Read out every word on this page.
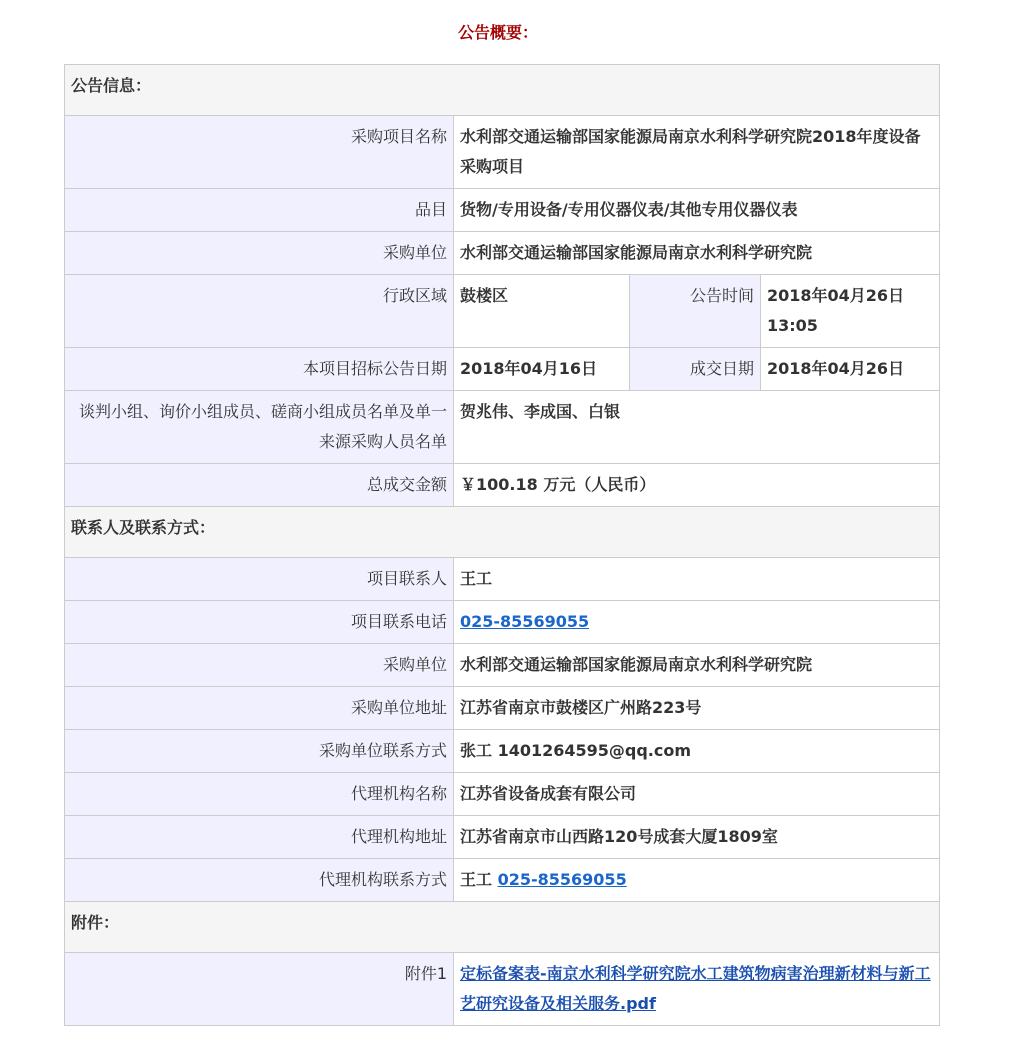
公告概要：
公告信息：			
采购项目名称	水利部交通运输部国家能源局南京水利科学研究院2018年度设备采购项目		
品目	货物/专用设备/专用仪器仪表/其他专用仪器仪表		
采购单位	水利部交通运输部国家能源局南京水利科学研究院		
行政区域	鼓楼区	公告时间	2018年04月26日 13:05
本项目招标公告日期	2018年04月16日	成交日期	2018年04月26日
谈判小组、询价小组成员、磋商小组成员名单及单一来源采购人员名单	贺兆伟、李成国、白银		
总成交金额	￥100.18 万元（人民币）		
联系人及联系方式：			
项目联系人	王工		
项目联系电话	025-85569055		
采购单位	水利部交通运输部国家能源局南京水利科学研究院		
采购单位地址	江苏省南京市鼓楼区广州路223号		
采购单位联系方式	张工 1401264595@qq.com		
代理机构名称	江苏省设备成套有限公司		
代理机构地址	江苏省南京市山西路120号成套大厦1809室		
代理机构联系方式	王工 025-85569055		
附件：			
附件1	定标备案表-南京水利科学研究院水工建筑物病害治理新材料与新工艺研究设备及相关服务.pdf		
